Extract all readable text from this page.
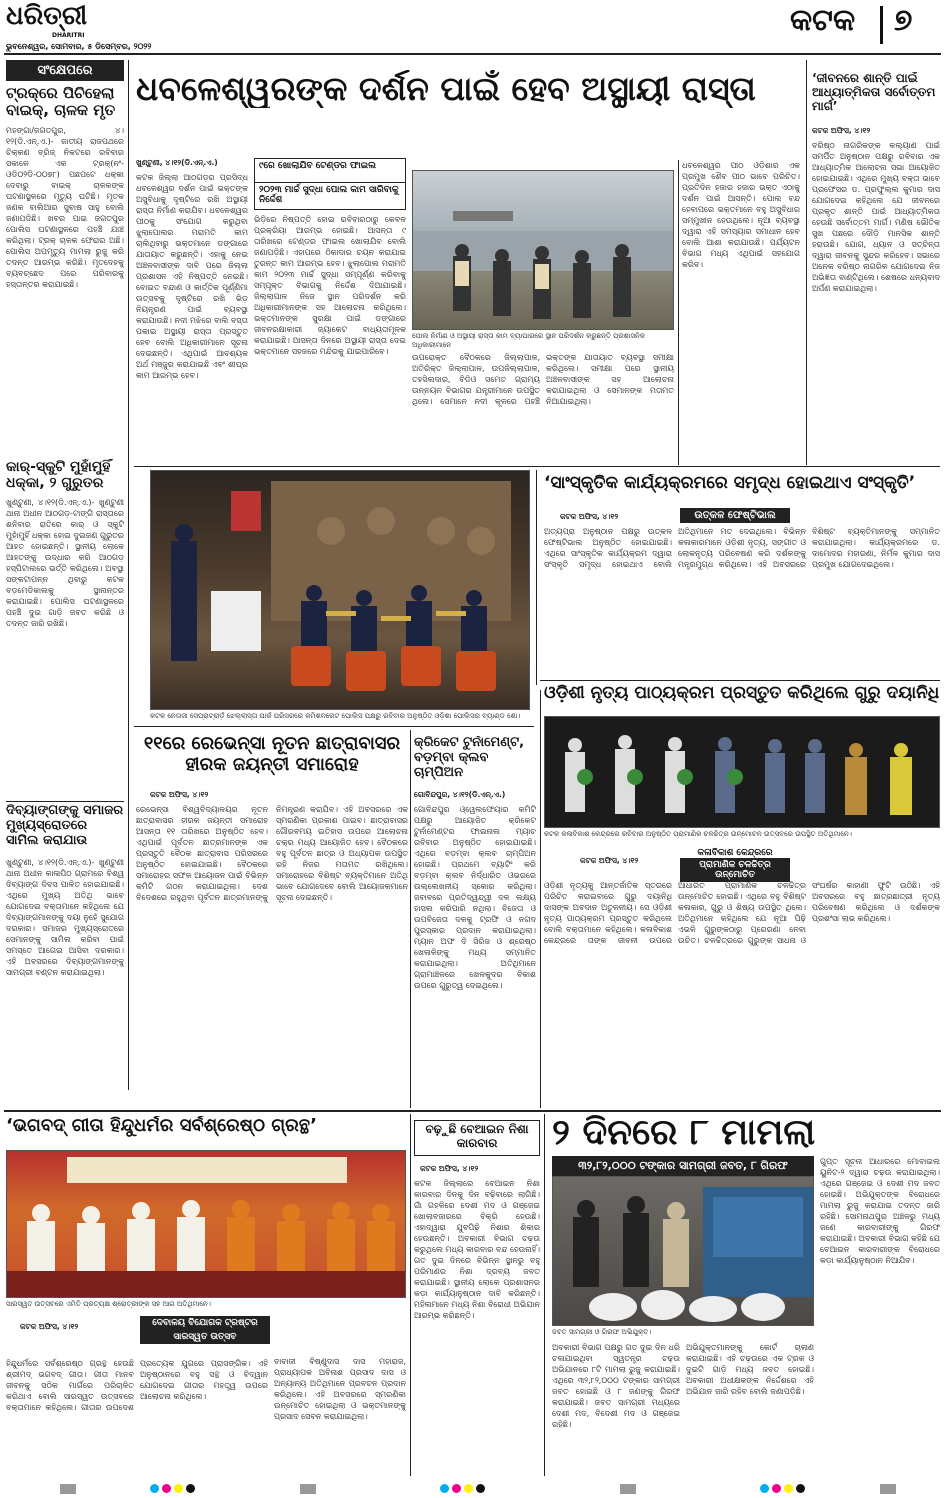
ଧରିତ୍ରୀ
DHARITRI
ଭୁବନେଶ୍ୱର, ସୋମବାର, ୫ ଡିସେମ୍ବର, ୨୦୨୨
କଟକ ୭
ସଂକ୍ଷେପରେ
ଟ୍ରକ୍‌ରେ ପିଚିହେଲା ବାଇକ୍‌, ଚାଳକ ମୃତ
ମହଙ୍ଗା/ଜଗତପୁର, ୪।୧୨(ଡି.ଏନ୍‌.ଏ.)- ଜାତୀୟ ରାଜପଥରେ ଚିକ୍କଣ ବ୍ରିଜ୍‌ ନିକଟରେ ରବିବାର ସକାଳେ ଏକ ଟ୍ରକ୍‌(ନଂ- ଓଡି୦୨ଡି-୦୦୭୮) ପଛପଟେ ଧକ୍କା ଦେବାରୁ ବାଇକ୍‌ ଚାଳକଙ୍କ ଘଟଣାସ୍ଥଳରେ ମୃତ୍ୟୁ ଘଟିଛି। ମୃତକ ଜଣକ ବାଲିଆର ସୁବାଷ ସାହୁ ବୋଲି ଜଣାପଡିଛି। ଖବର ପାଇ ଜଗତପୁର ପୋଲିସ ଘଟଣାସ୍ଥଳରେ ପହଞ୍ଚି ଯାଞ୍ଚ କରିଥିଲା। ଟ୍ରକ୍‌ ଚାଳକ ଫେରାର ଅଛି। ପୋଲିସ ଅପମୃତ୍ୟୁ ମାମଲା ରୁଜୁ କରି ତଦନ୍ତ ଆରମ୍ଭ କରିଛି। ମୃତଦେହକୁ ବ୍ୟବଚ୍ଛେଦ ପରେ ପରିବାରକୁ ହସ୍ତାନ୍ତର କରାଯାଇଛି।
କାର୍‌-ସ୍କୁଟି ମୁହାଁମୁହିଁ ଧକ୍କା, ୨ ଗୁରୁତର
ଖୁଣ୍ଟୁଣୀ, ୪।୧୨(ଡି.ଏନ୍‌.ଏ.)- ଖୁଣ୍ଟୁଣୀ ଥାନା ଅଧୀନ ଆଠଗଡ଼-ଟାଙ୍ଗି ରାସ୍ତାରେ ଶନିବାର ରାତିରେ କାର୍‌ ଓ ସ୍କୁଟି ମୁହାଁମୁହିଁ ଧକ୍କା ହୋଇ ଦୁଇଜଣ ଗୁରୁତର ଆହତ ହୋଇଛନ୍ତି। ସ୍ଥାନୀୟ ଲୋକେ ଆହତଙ୍କୁ ଉଦ୍ଧାର କରି ଆଠଗଡ଼ ହସ୍ପିଟାଲରେ ଭର୍ତ୍ତି କରିଥିଲେ। ଅବସ୍ଥା ସଙ୍କଟାପନ୍ନ ଥିବାରୁ କଟକ ବଡ଼ମେଡିକାଲକୁ ସ୍ଥାନାନ୍ତର କରାଯାଇଛି। ପୋଲିସ ଘଟଣାସ୍ଥଳରେ ପହଞ୍ଚି ଦୁଇ ଗାଡ଼ି ଜବତ କରିଛି ଓ ତଦନ୍ତ ଜାରି ରଖିଛି।
ଦିବ୍ୟାଙ୍ଗଙ୍କୁ ସମାଜର ମୁଖ୍ୟସ୍ରୋତରେ ସାମିଲ କରାଯାଉ
ଖୁଣ୍ଟୁଣୀ, ୪।୧୨(ଡି.ଏନ୍‌.ଏ.)- ଖୁଣ୍ଟୁଣୀ ଥାନା ଅଧୀନ କାଳାପିଠ ଗ୍ରାମରେ ବିଶ୍ୱ ଦିବ୍ୟାଙ୍ଗ ଦିବସ ପାଳିତ ହୋଇଯାଇଛି। ଏଥିରେ ମୁଖ୍ୟ ଅତିଥି ଭାବେ ଯୋଗଦେଇ ବକ୍ତାମାନେ କହିଥିଲେ ଯେ ଦିବ୍ୟାଙ୍ଗମାନଙ୍କୁ ଦୟା ନୁହେଁ ସୁଯୋଗ ଦରକାର। ସମାଜର ମୁଖ୍ୟସ୍ରୋତରେ ସେମାନଙ୍କୁ ସାମିଲ କରିବା ପାଇଁ ସମସ୍ତେ ଆଗେଇ ଆସିବା ଦରକାର। ଏହି ଅବସରରେ ଦିବ୍ୟାଙ୍ଗମାନଙ୍କୁ ସାମଗ୍ରୀ ବଣ୍ଟନ କରାଯାଇଥିଲା।
ଧବଳେଶ୍ୱରଙ୍କ ଦର୍ଶନ ପାଇଁ ହେବ ଅସ୍ଥାୟୀ ରାସ୍ତା
ଖୁଣ୍ଟୁଣୀ, ୪।୧୨(ଡି.ଏନ୍‌.ଏ.)
କଟକ ଜିଲ୍ଲା ଆଠଗଡ଼ର ପ୍ରସିଦ୍ଧ ଧବଳେଶ୍ୱର ଦର୍ଶନ ପାଇଁ ଭକ୍ତଙ୍କ ଅସୁବିଧାକୁ ଦୃଷ୍ଟିରେ ରଖି ଅସ୍ଥାୟୀ ରାସ୍ତା ନିର୍ମାଣ କରାଯିବ। ଧବଳେଶ୍ୱର ପୀଠକୁ ସଂଯୋଗ କରୁଥିବା ଝୁଲାପୋଲର ମରାମତି କାମ ଚାଲିଥିବାରୁ ଭକ୍ତମାନେ ଡଙ୍ଗାରେ ଯାତାୟାତ କରୁଛନ୍ତି। ଏହାକୁ ନେଇ ଅଞ୍ଚଳବାସୀଙ୍କ ଦାବି ପରେ ଜିଲ୍ଲା ପ୍ରଶାସନ ଏହି ନିଷ୍ପତ୍ତି ନେଇଛି। ବୋଇତ ବନ୍ଦାଣ ଓ କାର୍ତ୍ତିକ ପୂର୍ଣ୍ଣିମା ଉତ୍ସବକୁ ଦୃଷ୍ଟିରେ ରଖି ଭିଡ଼ ନିୟନ୍ତ୍ରଣ ପାଇଁ ବ୍ୟବସ୍ଥା କରାଯାଉଛି। ନଦୀ ମଝିରେ ବାଲି ବସ୍ତା ପକାଇ ଅସ୍ଥାୟୀ ରାସ୍ତା ପ୍ରସ୍ତୁତ ହେବ ବୋଲି ଅଧିକାରୀମାନେ ସୂଚନା ଦେଇଛନ୍ତି। ଏଥିପାଇଁ ଆବଶ୍ୟକ ଅର୍ଥ ମଞ୍ଜୁର କରାଯାଇଛି ଏବଂ ଶୀଘ୍ର କାମ ଆରମ୍ଭ ହେବ।
୯ରେ ଖୋଲାଯିବ ଟେଣ୍ଡର ଫାଇଲ
୨୦୨୩ ମାର୍ଚ୍ଚ ସୁଦ୍ଧା ପୋଲ କାମ ସାରିବାକୁ ନିର୍ଦ୍ଦେଶ
ଭିଡ଼ିରେ ନିଷ୍ପତ୍ତି ହୋଇ ରବିବାରଠାରୁ କେବଳ ପ୍ରକ୍ରିୟା ଆରମ୍ଭ ହୋଇଛି। ଆସନ୍ତା ୯ ତାରିଖରେ ଟେଣ୍ଡର ଫାଇଲ ଖୋଲାଯିବ ବୋଲି ଜଣାପଡ଼ିଛି। ଏହାପରେ ଠିକାଦାର ଚୟନ କରାଯାଇ ତୁରନ୍ତ କାମ ଆରମ୍ଭ ହେବ। ଝୁଲାପୋଲ ମରାମତି କାମ ୨୦୨୩ ମାର୍ଚ୍ଚ ସୁଦ୍ଧା ସମ୍ପୂର୍ଣ୍ଣ କରିବାକୁ ସମ୍ପୃକ୍ତ ବିଭାଗକୁ ନିର୍ଦ୍ଦେଶ ଦିଆଯାଇଛି। ଜିଲ୍ଲାପାଳ ନିଜେ ସ୍ଥାନ ପରିଦର୍ଶନ କରି ଅଧିକାରୀମାନଙ୍କ ସହ ଆଲୋଚନା କରିଥିଲେ। ଭକ୍ତମାନଙ୍କ ସୁରକ୍ଷା ପାଇଁ ଡଙ୍ଗାରେ ଜୀବନରକ୍ଷାକାରୀ ଜ୍ୟାକେଟ ବାଧ୍ୟତାମୂଳକ କରାଯାଇଛି। ଆସନ୍ତା ଦିନରେ ଅସ୍ଥାୟୀ ରାସ୍ତା ଦେଇ ଭକ୍ତମାନେ ସହଜରେ ମନ୍ଦିରକୁ ଯାଇପାରିବେ।
ପୋଲ ନିର୍ମାଣ ଓ ଅସ୍ଥାୟୀ ରାସ୍ତା କାମ ବ୍ୟାପାରରେ ସ୍ଥାନ ପରିଦର୍ଶନ କରୁଛନ୍ତି ପ୍ରଶାସନିକ ଅଧିକାରୀମାନେ
ଉପରୋକ୍ତ ବୈଠକରେ ଜିଲ୍ଲାପାଳ, ଅତିରିକ୍ତ ଜିଲ୍ଲାପାଳ, ଉପଜିଲ୍ଲାପାଳ, ତହସିଲଦାର, ବିଡିଓ ସମେତ ଗ୍ରାମ୍ୟ ଉନ୍ନୟନ ବିଭାଗର ଯନ୍ତ୍ରୀମାନେ ଉପସ୍ଥିତ ଥିଲେ। ସେମାନେ ନଦୀ କୂଳରେ ପହଞ୍ଚି ଭକ୍ତଙ୍କ ଯାତାୟାତ ବ୍ୟବସ୍ଥା ସମୀକ୍ଷା କରିଥିଲେ। ସମୀକ୍ଷା ପରେ ସ୍ଥାନୀୟ ଅଞ୍ଚଳବାସୀଙ୍କ ସହ ଆଲୋଚନା କରାଯାଇଥିଲା ଓ ସେମାନଙ୍କ ମତାମତ ନିଆଯାଇଥିଲା।
ଧବଳେଶ୍ୱର ପୀଠ ଓଡ଼ିଶାର ଏକ ପ୍ରମୁଖ ଶୈବ ପୀଠ ଭାବେ ପରିଚିତ। ପ୍ରତିଦିନ ହଜାର ହଜାର ଭକ୍ତ ଏଠାକୁ ଦର୍ଶନ ପାଇଁ ଆସନ୍ତି। ପୋଲ ବନ୍ଦ ହେବାପରେ ଭକ୍ତମାନେ ବହୁ ଅସୁବିଧାର ସମ୍ମୁଖୀନ ହେଉଥିଲେ। ନୂଆ ବ୍ୟବସ୍ଥା ଦ୍ୱାରା ଏହି ସମସ୍ୟାର ସମାଧାନ ହେବ ବୋଲି ଆଶା କରାଯାଉଛି। ପର୍ଯ୍ୟଟନ ବିଭାଗ ମଧ୍ୟ ଏଥିପାଇଁ ସହଯୋଗ କରିବ।
‘ଜୀବନରେ ଶାନ୍ତି ପାଇଁ ଆଧ୍ୟାତ୍ମିକତା ସର୍ବୋତ୍ତମ ମାର୍ଗ’
କଟକ ଅଫିସ, ୪।୧୨
ବରିଷ୍ଠ ନାଗରିକଙ୍କ କଲ୍ୟାଣ ପାଇଁ ସମର୍ପିତ ଅନୁଷ୍ଠାନ ପକ୍ଷରୁ ରବିବାର ଏକ ଆଧ୍ୟାତ୍ମିକ ଆଲୋଚନା ସଭା ଆୟୋଜିତ ହୋଇଯାଇଛି। ଏଥିରେ ମୁଖ୍ୟ ବକ୍ତା ଭାବେ ପ୍ରଫେସର ଡ. ପ୍ରଫୁଲ୍ଲ କୁମାର ଦାସ ଯୋଗଦେଇ କହିଥିଲେ ଯେ ଜୀବନରେ ପ୍ରକୃତ ଶାନ୍ତି ପାଇଁ ଆଧ୍ୟାତ୍ମିକତା ହେଉଛି ସର୍ବୋତ୍ତମ ମାର୍ଗ। ମଣିଷ ଭୌତିକ ସୁଖ ପଛରେ ଦୌଡ଼ି ମାନସିକ ଶାନ୍ତି ହରାଉଛି। ଯୋଗ, ଧ୍ୟାନ ଓ ସତ୍‌ଚିନ୍ତା ଦ୍ୱାରା ଜୀବନକୁ ସୁନ୍ଦର କରିହେବ। ସଭାରେ ଅନେକ ବରିଷ୍ଠ ନାଗରିକ ଯୋଗଦେଇ ନିଜ ଅଭିଜ୍ଞତା ବାଣ୍ଟିଥିଲେ। ଶେଷରେ ଧନ୍ୟବାଦ ଅର୍ପଣ କରାଯାଇଥିଲା।
କଟକ ନେତାଜୀ ସେପ୍ରାଟ୍ରାର୍ଡ଼ ଝେଲ୍ଲାସ୍ତା ପାର୍କ ପରିସରରେ କମିଶନରେଟ ପୋଲିସ ପକ୍ଷରୁ ରବିବାର ଅନୁଷ୍ଠିତ ଓଡ଼ିଶା ପୋଲିସର ବ୍ୟାଣ୍ଡ ଶୋ।
‘ସାଂସ୍କୃତିକ କାର୍ଯ୍ୟକ୍ରମରେ ସମୃଦ୍ଧ ହୋଇଥାଏ ସଂସ୍କୃତି’
କଟକ ଅଫିସ, ୪।୧୨	ଉତ୍କଳ ଫେଷ୍ଟିଭାଲ
ଅତ୍ୟପ୍ରା ଅନୁଷ୍ଠାନ ପକ୍ଷରୁ ଉତ୍କଳ ଫେଷ୍ଟିଭାଲ ଅନୁଷ୍ଠିତ ହୋଇଯାଇଛି। ଏଥିରେ ସାଂସ୍କୃତିକ କାର୍ଯ୍ୟକ୍ରମ ଦ୍ୱାରା ସଂସ୍କୃତି ସମୃଦ୍ଧ ହୋଇଥାଏ ବୋଲି ଅତିଥିମାନେ ମତ ଦେଇଥିଲେ। ବିଭିନ୍ନ କଳାକାରମାନେ ଓଡ଼ିଶୀ ନୃତ୍ୟ, ସଙ୍ଗୀତ ଓ ଲୋକନୃତ୍ୟ ପରିବେଷଣ କରି ଦର୍ଶକଙ୍କୁ ମନ୍ତ୍ରମୁଗ୍ଧ କରିଥିଲେ। ଏହି ଅବସରରେ ବିଶିଷ୍ଟ ବ୍ୟକ୍ତିମାନଙ୍କୁ ସମ୍ମାନିତ କରାଯାଇଥିଲା। କାର୍ଯ୍ୟକ୍ରମରେ ଡ. ଦାମୋଦର ମହାରଣା, ନିର୍ମଳ କୁମାର ଦାସ ପ୍ରମୁଖ ଯୋଗଦେଇଥିଲେ।
ଓଡ଼ିଶୀ ନୃତ୍ୟ ପାଠ୍ୟକ୍ରମ ପ୍ରସ୍ତୁତ କରିଥିଲେ ଗୁରୁ ଦୟାନିଧି
କଟକ କଳାବିକାଶ କେନ୍ଦ୍ରରେ ରବିବାର ଅନୁଷ୍ଠିତ ପ୍ରାମାଣିକ ଚଳଚ୍ଚିତ୍ର ଉନ୍ମୋଚନ ଉତ୍ସବରେ ଉପସ୍ଥିତ ଅତିଥିମାନେ।
କଟକ ଅଫିସ, ୪।୧୨
କଳାବିକାଶ କେନ୍ଦ୍ରରେ
ପ୍ରାମାଣିକ ଚଳଚ୍ଚିତ୍ର ଉନ୍ମୋଚିତ
ଓଡ଼ିଶୀ ନୃତ୍ୟକୁ ଆନ୍ତର୍ଜାତିକ ସ୍ତରରେ ପରିଚିତ କରାଇବାରେ ଗୁରୁ ଦୟାନିଧି ଦାସଙ୍କ ଅବଦାନ ଅତୁଳନୀୟ। ସେ ଓଡ଼ିଶୀ ନୃତ୍ୟ ପାଠ୍ୟକ୍ରମ ପ୍ରସ୍ତୁତ କରିଥିଲେ ବୋଲି ବକ୍ତାମାନେ କହିଥିଲେ। କଳାବିକାଶ କେନ୍ଦ୍ରରେ ତାଙ୍କ ଜୀବନୀ ଉପରେ ଆଧାରିତ ପ୍ରାମାଣିକ ଚଳଚ୍ଚିତ୍ର ଉନ୍ମୋଚିତ ହୋଇଛି। ଏଥିରେ ବହୁ ବିଶିଷ୍ଟ କଳାକାର, ଗୁରୁ ଓ ଶିଷ୍ୟ ଉପସ୍ଥିତ ଥିଲେ। ଅତିଥିମାନେ କହିଥିଲେ ଯେ ନୂଆ ପିଢ଼ି ଏଭଳି ଗୁରୁଙ୍କଠାରୁ ପ୍ରେରଣା ନେବା ଉଚିତ। ଚଳଚ୍ଚିତ୍ରରେ ଗୁରୁଙ୍କ ସାଧନା ଓ ସଂଘର୍ଷର କାହାଣୀ ଫୁଟି ଉଠିଛି। ଏହି ଅବସରରେ ବହୁ ଛାତ୍ରଛାତ୍ରୀ ନୃତ୍ୟ ପରିବେଷଣ କରିଥିଲେ ଓ ଦର୍ଶକଙ୍କ ପ୍ରଶଂସା ଲାଭ କରିଥିଲେ।
୧୧ରେ ରେଭେନ୍ସା ନୂତନ ଛାତ୍ରାବାସର ହୀରକ ଜୟନ୍ତୀ ସମାରୋହ
କଟକ ଅଫିସ, ୪।୧୨
ରେଭେନ୍ସା ବିଶ୍ୱବିଦ୍ୟାଳୟର ନୂତନ ଛାତ୍ରାବାସର ହୀରକ ଜୟନ୍ତୀ ସମାରୋହ ଆସନ୍ତା ୧୧ ତାରିଖରେ ଅନୁଷ୍ଠିତ ହେବ। ଏଥିପାଇଁ ପୂର୍ବତନ ଛାତ୍ରମାନଙ୍କ ଏକ ପ୍ରସ୍ତୁତି ବୈଠକ ଛାତ୍ରାବାସ ପରିସରରେ ଅନୁଷ୍ଠିତ ହୋଇଯାଇଛି। ବୈଠକରେ ସମାରୋହର ସଫଳ ଆୟୋଜନ ପାଇଁ ବିଭିନ୍ନ କମିଟି ଗଠନ କରାଯାଇଥିଲା। ଦେଶ ବିଦେଶରେ ରହୁଥିବା ପୂର୍ବତନ ଛାତ୍ରମାନଙ୍କୁ ନିମନ୍ତ୍ରଣ କରାଯିବ। ଏହି ଅବସରରେ ଏକ ସ୍ମରଣିକା ପ୍ରକାଶ ପାଇବ। ଛାତ୍ରାବାସର ଗୌରବମୟ ଇତିହାସ ଉପରେ ଆଲୋଚନା ଚକ୍ର ମଧ୍ୟ ଆୟୋଜିତ ହେବ। ବୈଠକରେ ବହୁ ପୂର୍ବତନ ଛାତ୍ର ଓ ଅଧ୍ୟାପକ ଉପସ୍ଥିତ ରହି ନିଜର ମତାମତ ରଖିଥିଲେ। ସମାରୋହରେ ବିଶିଷ୍ଟ ବ୍ୟକ୍ତିମାନେ ଅତିଥି ଭାବେ ଯୋଗଦେବେ ବୋଲି ଆୟୋଜକମାନେ ସୂଚନା ଦେଇଛନ୍ତି।
କ୍ରିକେଟ ଟୁର୍ନାମେଣ୍ଟ, ବଡ଼ମ୍ବା କ୍ଲବ ଚାମ୍ପିଅନ
ଗୋବିନ୍ଦପୁର, ୪।୧୨(ଡି.ଏନ୍‌.ଏ.)
ଗୋବିନ୍ଦପୁର ଓ୍ୱେଲଫେୟାର କମିଟି ପକ୍ଷରୁ ଆୟୋଜିତ କ୍ରିକେଟ ଟୁର୍ନାମେଣ୍ଟର ଫାଇନାଲ ମ୍ୟାଚ ରବିବାର ଅନୁଷ୍ଠିତ ହୋଇଯାଇଛି। ଏଥିରେ ବଡ଼ମ୍ବା କ୍ଲବ ଚାମ୍ପିଅନ ହୋଇଛି। ପ୍ରଥମେ ବ୍ୟାଟିଂ କରି ବଡ଼ମ୍ବା କ୍ଲବ ନିର୍ଦ୍ଧାରିତ ଓଭରରେ ଉଲ୍ଲେଖନୀୟ ସ୍କୋର କରିଥିଲା। ଜବାବରେ ପ୍ରତିଦ୍ୱନ୍ଦ୍ୱୀ ଦଳ ଲକ୍ଷ୍ୟ ହାସଲ କରିପାରି ନଥିଲା। ବିଜେତା ଓ ଉପବିଜେତା ଦଳକୁ ଟ୍ରଫି ଓ ନଗଦ ପୁରସ୍କାର ପ୍ରଦାନ କରାଯାଇଥିଲା। ମ୍ୟାନ ଅଫ ଦି ସିରିଜ ଓ ଶ୍ରେଷ୍ଠ ଖେଳାଳିଙ୍କୁ ମଧ୍ୟ ସମ୍ମାନିତ କରାଯାଇଥିଲା। ଅତିଥିମାନେ ଗ୍ରାମାଞ୍ଚଳରେ ଖେଳକୁଦର ବିକାଶ ଉପରେ ଗୁରୁତ୍ୱ ଦେଇଥିଲେ।
‘ଭଗବଦ୍‌ ଗୀତା ହିନ୍ଦୁଧର୍ମର ସର୍ବଶ୍ରେଷ୍ଠ ଗ୍ରନ୍ଥ’
ସାରସ୍ୱତ ଉତ୍ସବରେ ଏମିତି ପ୍ରତ୍ୟକ୍ଷ ଶ୍ରୋତ୍ରୀଙ୍କ ସହ ଆଗ ଅତିଥିମାନେ।
କଟକ ଅଫିସ, ୪।୧୨	ଦେବାଳୟ ବିଯୋଗକ ଟ୍ରଷ୍ଟର
ସାରସ୍ୱତ ଉତ୍ସବ
ହିନ୍ଦୁଧର୍ମରେ ସର୍ବଶ୍ରେଷ୍ଠ ଗ୍ରନ୍ଥ ହେଉଛି ଶ୍ରୀମଦ୍‌ ଭଗବଦ୍‌ ଗୀତା। ଗୀତା ମାନବ ଜୀବନକୁ ସଠିକ ମାର୍ଗରେ ପରିଚାଳିତ କରିଥାଏ ବୋଲି ସାରସ୍ୱତ ଉତ୍ସବରେ ବକ୍ତାମାନେ କହିଥିଲେ। ଗୀତାର ଉପଦେଶ ପ୍ରତ୍ୟେକ ଯୁଗରେ ପ୍ରାସଙ୍ଗିକ। ଏହି ଅନୁଷ୍ଠାନରେ ବହୁ ସନ୍ଥ ଓ ବିଦ୍ୱାନ ଯୋଗଦେଇ ଗୀତାର ମହତ୍ତ୍ୱ ଉପରେ ଆଲୋଚନା କରିଥିଲେ।
ବାବାଜୀ ବିଷ୍ଣୁଦାସ ଦାସ ମହାରାଜ, ପ୍ରାଧ୍ୟାପକ ଅବିନାଶ ପ୍ରସାଦ ଦାସ ଓ ଅନ୍ୟାନ୍ୟ ଅତିଥିମାନେ ପ୍ରବଚନ ପ୍ରଦାନ କରିଥିଲେ। ଏହି ଅବସରରେ ସ୍ମରଣିକା ଉନ୍ମୋଚିତ ହୋଇଥିଲା ଓ ଭକ୍ତମାନଙ୍କୁ ପ୍ରସାଦ ସେବନ କରାଯାଇଥିଲା।
ବଢ଼ୁଛି ବେଆଇନ ନିଶା କାରବାର
କଟକ ଅଫିସ, ୪।୧୨
କଟକ ଜିଲ୍ଲାରେ ବେଆଇନ ନିଶା କାରବାର ଦିନକୁ ଦିନ ବଢ଼ିବାରେ ଲାଗିଛି। ଗାଁ ଗହଳିରେ ଦେଶୀ ମଦ ଓ ଗଞ୍ଜେଇ ଖୋଲାବଜାରରେ ବିକ୍ରି ହେଉଛି। ଏହାଦ୍ୱାରା ଯୁବପିଢ଼ି ନିଶାର ଶିକାର ହେଉଛନ୍ତି। ଅବକାରୀ ବିଭାଗ ଚଢ଼ଉ କରୁଥିଲେ ମଧ୍ୟ କାରବାର ବନ୍ଦ ହେଉନାହିଁ। ଗତ ଦୁଇ ଦିନରେ ବିଭିନ୍ନ ସ୍ଥାନରୁ ବହୁ ପରିମାଣର ନିଶା ଦ୍ରବ୍ୟ ଜବତ କରାଯାଇଛି। ସ୍ଥାନୀୟ ଲୋକେ ପ୍ରଶାସନର କଡ଼ା କାର୍ଯ୍ୟାନୁଷ୍ଠାନ ଦାବି କରିଛନ୍ତି। ମହିଳାମାନେ ମଧ୍ୟ ନିଶା ବିରୋଧୀ ଅଭିଯାନ ଆରମ୍ଭ କରିଛନ୍ତି।
୨ ଦିନରେ ୮ ମାମଲା
୩୨,୮୨,୦୦୦ ଟଙ୍କାର ସାମଗ୍ରୀ ଜବତ, ୮ ଗିରଫ
ଜବତ ସାମଗ୍ରୀ ଓ ଗିରଫ ଅଭିଯୁକ୍ତ।
ଅବକାରୀ ବିଭାଗ ପକ୍ଷରୁ ଗତ ଦୁଇ ଦିନ ଧରି ଚଳାଯାଇଥିବା ସ୍ୱତନ୍ତ୍ର ଚଢ଼ଉ ଅଭିଯାନରେ ୮ଟି ମାମଲା ରୁଜୁ କରାଯାଇଛି। ଏଥିରେ ୩୨,୮୨,୦୦୦ ଟଙ୍କାର ସାମଗ୍ରୀ ଜବତ ହୋଇଛି ଓ ୮ ଜଣଙ୍କୁ ଗିରଫ କରାଯାଇଛି। ଜବତ ସାମଗ୍ରୀ ମଧ୍ୟରେ ଦେଶୀ ମଦ, ବିଦେଶୀ ମଦ ଓ ଗଞ୍ଜେଇ ରହିଛି।
ଅଭିଯୁକ୍ତମାନଙ୍କୁ କୋର୍ଟ ଚାଲାଣ କରାଯାଇଛି। ଏହି ଚଢ଼ଉରେ ଏକ ଟ୍ରକ ଓ ଦୁଇଟି ଗାଡ଼ି ମଧ୍ୟ ଜବତ ହୋଇଛି। ଅବକାରୀ ଅଧୀକ୍ଷକଙ୍କ ନିର୍ଦ୍ଦେଶରେ ଏହି ଅଭିଯାନ ଜାରି ରହିବ ବୋଲି ଜଣାପଡ଼ିଛି।
ଗୁପ୍ତ ସୂଚନା ଆଧାରରେ ମୋବାଇଲ ୟୁନିଟ-୨ ଦ୍ୱାରା ଚଢ଼ଉ କରାଯାଇଥିଲା। ଏଥିରେ ଗଞ୍ଜେଇ ଓ ଦେଶୀ ମଦ ଜବତ ହୋଇଛି। ଅଭିଯୁକ୍ତଙ୍କ ବିରୋଧରେ ମାମଲା ରୁଜୁ କରାଯାଇ ତଦନ୍ତ ଜାରି ରହିଛି। ସୋମନାଥପୁର ଅଞ୍ଚଳରୁ ମଧ୍ୟ ଜଣେ କାରବାରୀଙ୍କୁ ଗିରଫ କରାଯାଇଛି। ଅବକାରୀ ବିଭାଗ କହିଛି ଯେ ବେଆଇନ କାରବାରୀଙ୍କ ବିରୋଧରେ କଡ଼ା କାର୍ଯ୍ୟାନୁଷ୍ଠାନ ନିଆଯିବ।
